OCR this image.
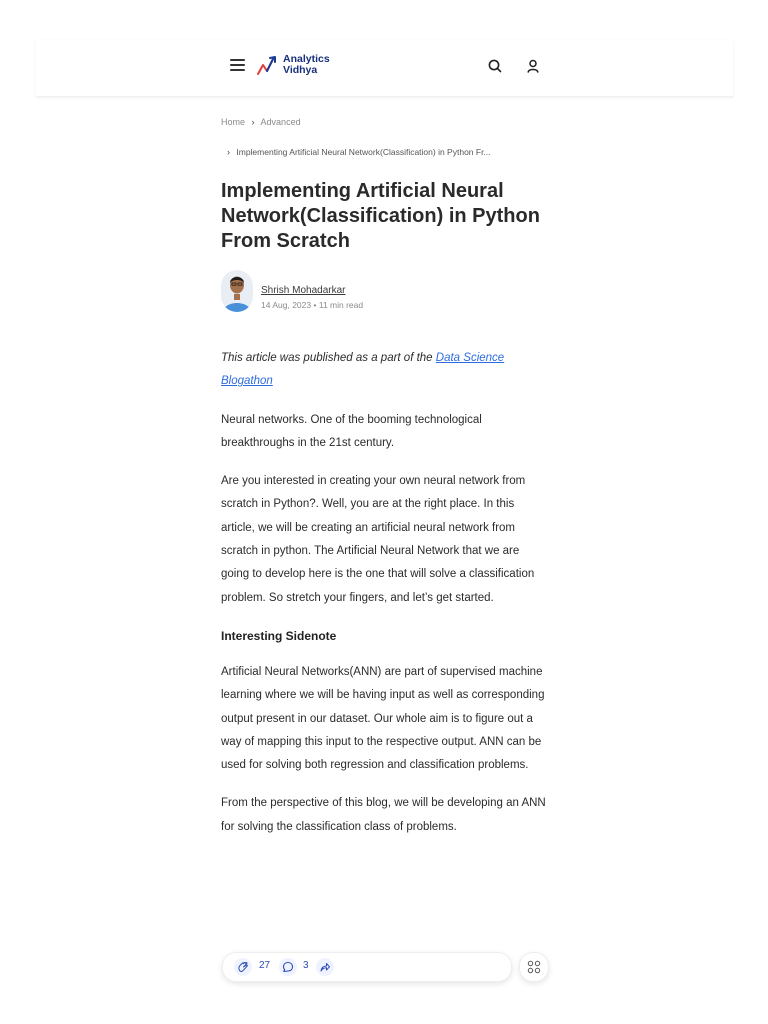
Analytics
Vidhya
Home › Advanced
› Implementing Artificial Neural Network(Classification) in Python Fr...
Implementing Artificial Neural Network(Classification) in Python From Scratch
Shrish Mohadarkar
14 Aug, 2023 • 11 min read

This article was published as a part of the Data Science Blogathon

Neural networks. One of the booming technological breakthroughs in the 21st century.

Are you interested in creating your own neural network from scratch in Python?. Well, you are at the right place. In this article, we will be creating an artificial neural network from scratch in python. The Artificial Neural Network that we are going to develop here is the one that will solve a classification problem. So stretch your fingers, and let’s get started.

Interesting Sidenote

Artificial Neural Networks(ANN) are part of supervised machine learning where we will be having input as well as corresponding output present in our dataset. Our whole aim is to figure out a way of mapping this input to the respective output. ANN can be used for solving both regression and classification problems.

From the perspective of this blog, we will be developing an ANN for solving the classification class of problems.

27	3
